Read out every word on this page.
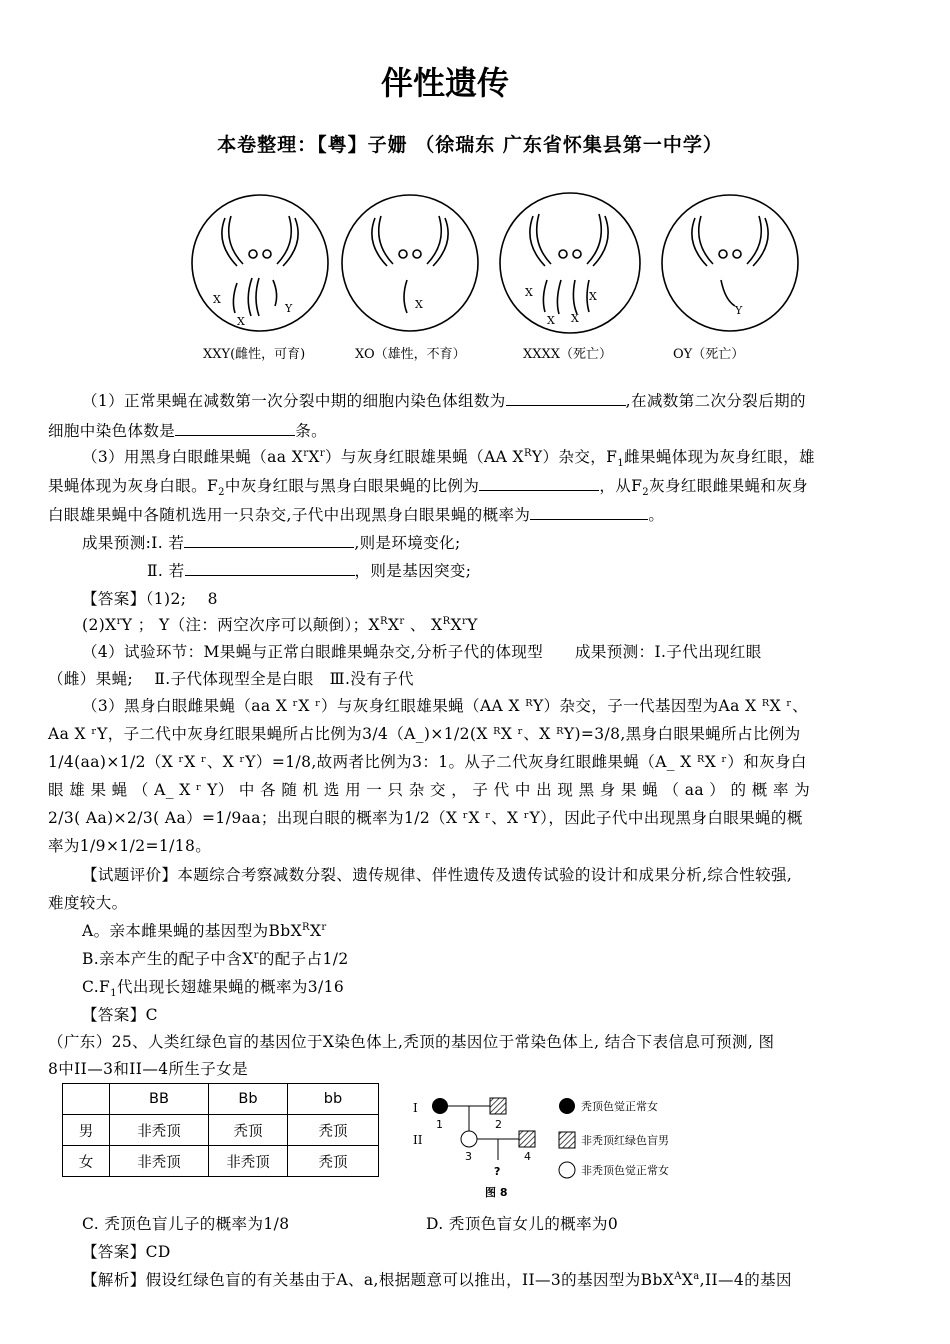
伴性遗传
本卷整理：【粤】子姗 （徐瑞东 广东省怀集县第一中学）
X
X
Y	X
X
X X
X
Y
XXY(雌性，可育)	XO（雄性，不育）	XXXX（死亡）	OY（死亡）
（1）正常果蝇在减数第一次分裂中期的细胞内染色体组数为	,在减数第二次分裂后期的
细胞中染色体数是	条。
（3）用黑身白眼雌果蝇（aa $X^rX^r$）与灰身红眼雄果蝇（AA $X^RY$）杂交，$F_1$雌果蝇体现为灰身红眼，雄
果蝇体现为灰身白眼。$F_2$中灰身红眼与黑身白眼果蝇的比例为	，从$F_2$灰身红眼雌果蝇和灰身
白眼雄果蝇中各随机选用一只杂交,子代中出现黑身白眼果蝇的概率为	。
成果预测:Ⅰ. 若	,则是环境变化;
Ⅱ. 若	，则是基因突变;
【答案】（1)2;　 8
$(2)X^rY$ ； Y（注：两空次序可以颠倒）；$X^RX^r$ 、 $X^RX^rY$
（4）试验环节：M果蝇与正常白眼雌果蝇杂交,分析子代的体现型　　成果预测：Ⅰ.子代出现红眼
（雌）果蝇;　 Ⅱ.子代体现型全是白眼　Ⅲ.没有子代
（3）黑身白眼雌果蝇（aa X ʳX ʳ）与灰身红眼雄果蝇（AA X ᴿY）杂交，子一代基因型为Aa X ᴿX ʳ、
Aa X ʳY，子二代中灰身红眼果蝇所占比例为3/4（A_)×1/2(X ᴿX ʳ、X ᴿY)=3/8,黑身白眼果蝇所占比例为
1/4(aa)×1/2（X ʳX ʳ、X ʳY）=1/8,故两者比例为3：1。从子二代灰身红眼雌果蝇（A_ X ᴿX ʳ）和灰身白
眼 雄 果 蝇 （ A_ X ʳ Y） 中 各 随 机 选 用 一 只 杂 交 ， 子 代 中 出 现 黑 身 果 蝇 （ aa ） 的 概 率 为
2/3( Aa)×2/3( Aa）=1/9aa；出现白眼的概率为1/2（X ʳX ʳ、X ʳY），因此子代中出现黑身白眼果蝇的概
率为1/9×1/2=1/18。
【试题评价】本题综合考察减数分裂、遗传规律、伴性遗传及遗传试验的设计和成果分析,综合性较强,
难度较大。
A。亲本雌果蝇的基因型为$BbX^RX^r$
B.亲本产生的配子中含$X^r$的配子占1/2
$C.F_1$代出现长翅雄果蝇的概率为3/16
【答案】C
（广东）25、人类红绿色盲的基因位于X染色体上,秃顶的基因位于常染色体上, 结合下表信息可预测, 图
8中II—3和II—4所生子女是
	BB	Bb	bb
男	非秃顶	秃顶	秃顶
女	非秃顶	非秃顶	秃顶
I
II
1	2
3	4
?
图 8
秃顶色觉正常女
非秃顶红绿色盲男
非秃顶色觉正常女
C. 秃顶色盲儿子的概率为1/8	D. 秃顶色盲女儿的概率为0
【答案】CD
【解析】假设红绿色盲的有关基由于A、a,根据题意可以推出，II—3的基因型为$BbX^AX^a,II—4$的基因
